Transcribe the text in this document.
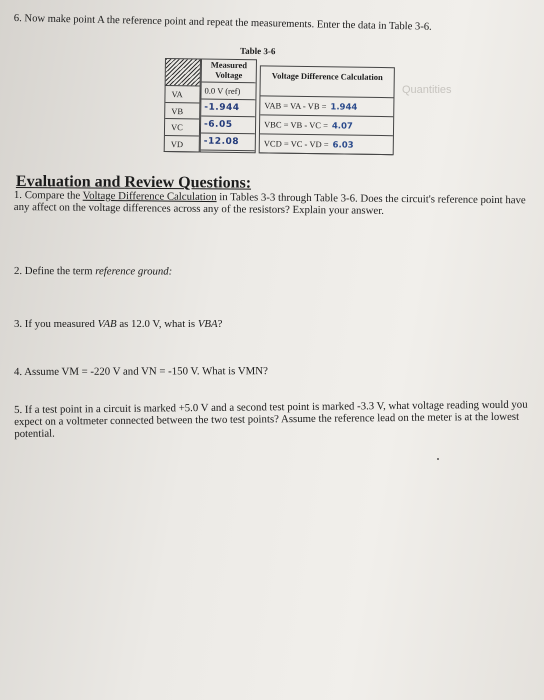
6. Now make point A the reference point and repeat the measurements. Enter the data in Table 3-6.
Table 3-6
Measured Voltage
0.0 V (ref)
-1.944
-6.05
-12.08
VA
VB
VC
VD
Voltage Difference Calculation
VAB = VA - VB = 1.944
VBC = VB - VC = 4.07
VCD = VC - VD = 6.03
Quantities
Evaluation and Review Questions:
1. Compare the Voltage Difference Calculation in Tables 3-3 through Table 3-6. Does the circuit's reference point have any affect on the voltage differences across any of the resistors? Explain your answer.
2. Define the term reference ground:
3. If you measured VAB as 12.0 V, what is VBA?
4. Assume VM = -220 V and VN = -150 V. What is VMN?
5. If a test point in a circuit is marked +5.0 V and a second test point is marked -3.3 V, what voltage reading would you expect on a voltmeter connected between the two test points? Assume the reference lead on the meter is at the lowest potential.
